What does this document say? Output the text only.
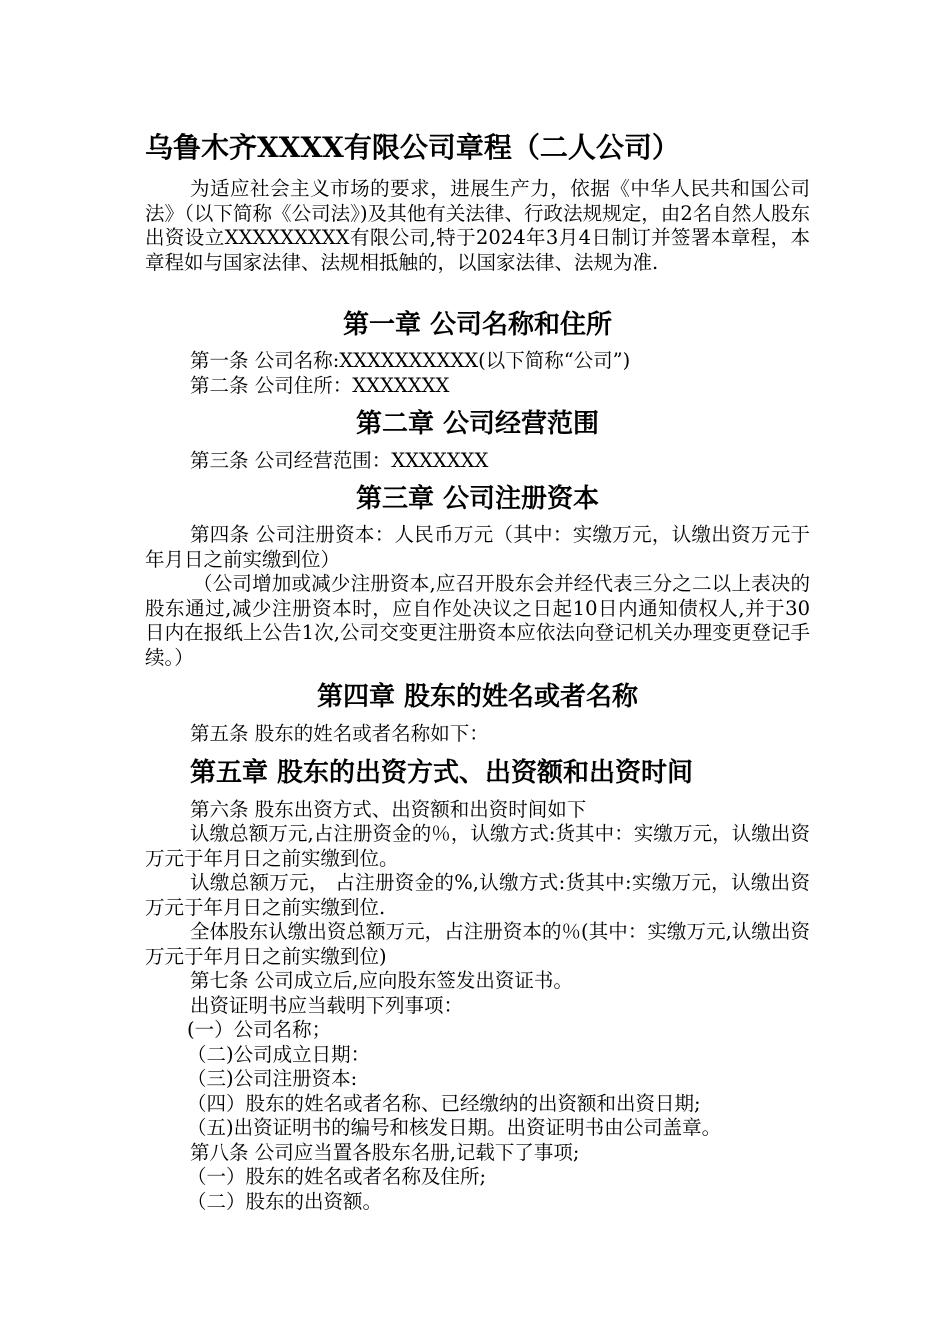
乌鲁木齐XXXX有限公司章程（二人公司）

为适应社会主义市场的要求，进展生产力，依据《中华人民共和国公司法》（以下简称《公司法》)及其他有关法律、行政法规规定，由2名自然人股东出资设立XXXXXXXXX有限公司,特于2024年3月4日制订并签署本章程，本章程如与国家法律、法规相抵触的，以国家法律、法规为准.

第一章 公司名称和住所
第一条 公司名称:XXXXXXXXXX(以下简称“公司”)
第二条 公司住所：XXXXXXX
第二章 公司经营范围
第三条 公司经营范围：XXXXXXX
第三章 公司注册资本

第四条 公司注册资本：人民币万元（其中：实缴万元，认缴出资万元于年月日之前实缴到位）

（公司增加或减少注册资本,应召开股东会并经代表三分之二以上表决的股东通过,减少注册资本时，应自作处决议之日起10日内通知债权人,并于30日内在报纸上公告1次,公司交变更注册资本应依法向登记机关办理变更登记手续。）

第四章 股东的姓名或者名称
第五条 股东的姓名或者名称如下：
第五章 股东的出资方式、出资额和出资时间
第六条 股东出资方式、出资额和出资时间如下

认缴总额万元,占注册资金的％，认缴方式:货其中：实缴万元，认缴出资万元于年月日之前实缴到位。

认缴总额万元， 占注册资金的%,认缴方式:货其中:实缴万元，认缴出资万元于年月日之前实缴到位.

全体股东认缴出资总额万元，占注册资本的％(其中：实缴万元,认缴出资万元于年月日之前实缴到位)

第七条 公司成立后,应向股东签发出资证书。
出资证明书应当载明下列事项：
(一）公司名称；
（二)公司成立日期：
（三)公司注册资本:
（四）股东的姓名或者名称、已经缴纳的出资额和出资日期;
（五)出资证明书的编号和核发日期。出资证明书由公司盖章。
第八条 公司应当置各股东名册,记载下了事项;
（一）股东的姓名或者名称及住所;
（二）股东的出资额。
